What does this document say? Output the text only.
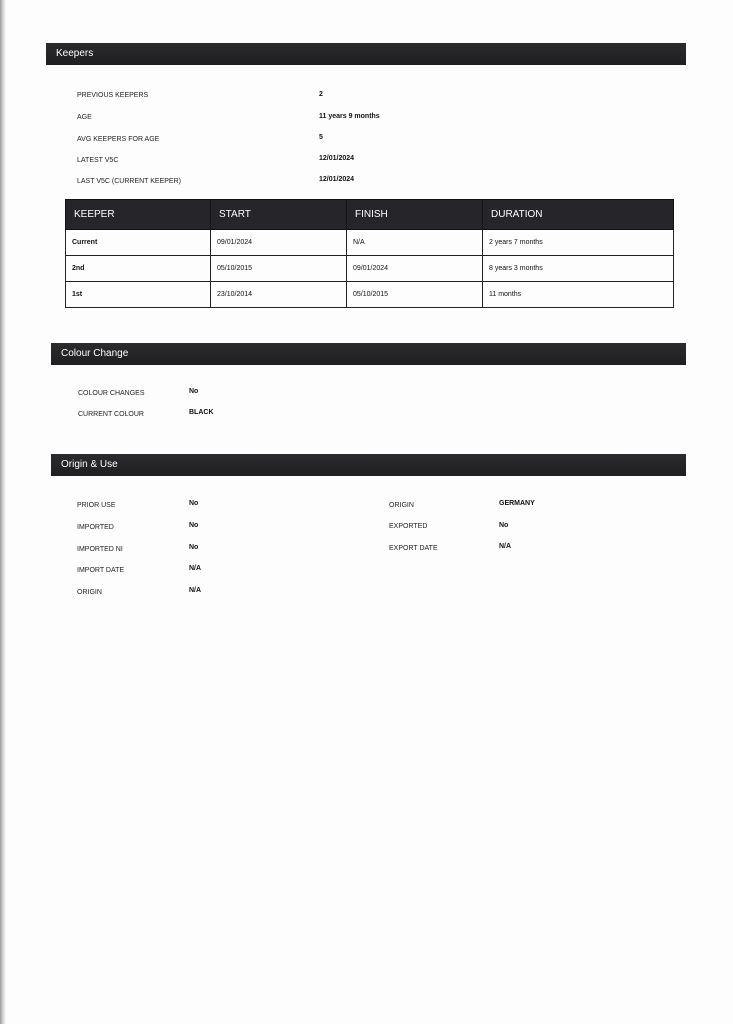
Keepers
PREVIOUS KEEPERS	2
AGE	11 years 9 months
AVG KEEPERS FOR AGE	5
LATEST V5C	12/01/2024
LAST V5C (CURRENT KEEPER)	12/01/2024
KEEPER	START	FINISH	DURATION
Current	09/01/2024	N/A	2 years 7 months
2nd	05/10/2015	09/01/2024	8 years 3 months
1st	23/10/2014	05/10/2015	11 months
Colour Change
COLOUR CHANGES	No
CURRENT COLOUR	BLACK
Origin & Use
PRIOR USE	No
IMPORTED	No
IMPORTED NI	No
IMPORT DATE	N/A
ORIGIN	N/A
ORIGIN	GERMANY
EXPORTED	No
EXPORT DATE	N/A
